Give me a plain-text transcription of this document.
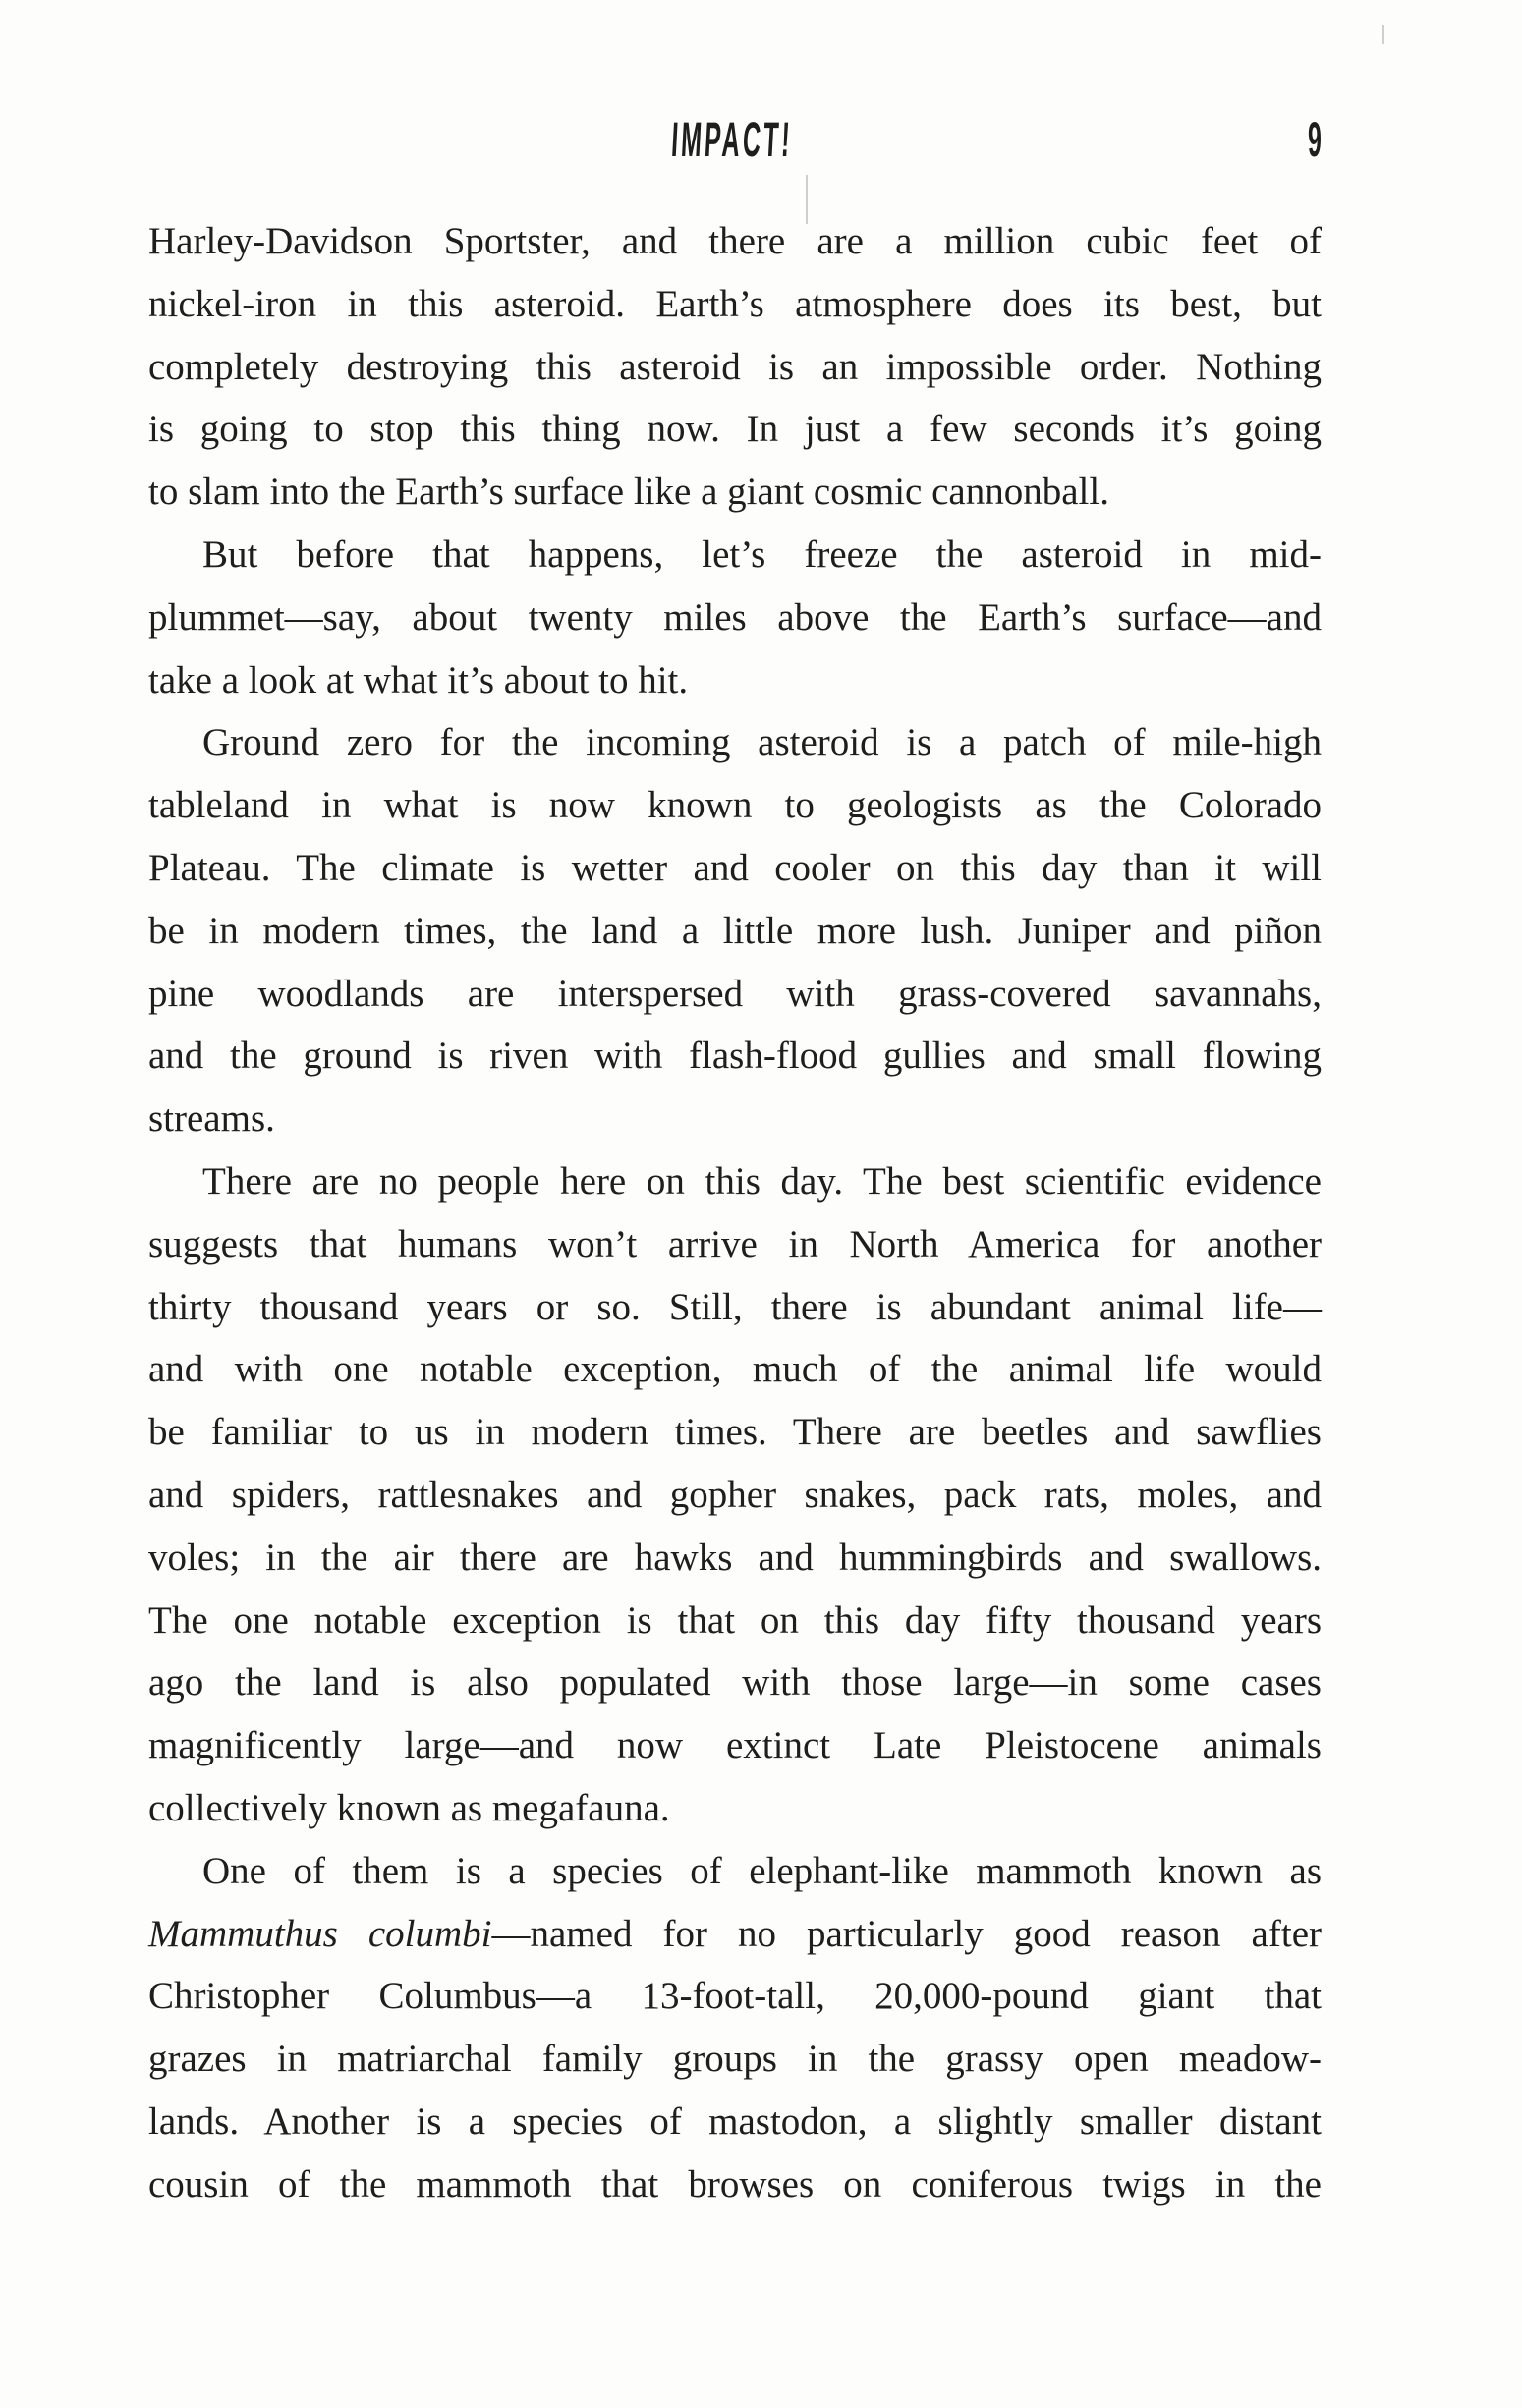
IMPACT!	9
Harley-Davidson Sportster, and there are a million cubic feet of
nickel-iron in this asteroid. Earth’s atmosphere does its best, but
completely destroying this asteroid is an impossible order. Nothing
is going to stop this thing now. In just a few seconds it’s going
to slam into the Earth’s surface like a giant cosmic cannonball.
But before that happens, let’s freeze the asteroid in mid-
plummet—say, about twenty miles above the Earth’s surface—and
take a look at what it’s about to hit.
Ground zero for the incoming asteroid is a patch of mile-high
tableland in what is now known to geologists as the Colorado
Plateau. The climate is wetter and cooler on this day than it will
be in modern times, the land a little more lush. Juniper and piñon
pine woodlands are interspersed with grass-covered savannahs,
and the ground is riven with flash-flood gullies and small flowing
streams.
There are no people here on this day. The best scientific evidence
suggests that humans won’t arrive in North America for another
thirty thousand years or so. Still, there is abundant animal life—
and with one notable exception, much of the animal life would
be familiar to us in modern times. There are beetles and sawflies
and spiders, rattlesnakes and gopher snakes, pack rats, moles, and
voles; in the air there are hawks and hummingbirds and swallows.
The one notable exception is that on this day fifty thousand years
ago the land is also populated with those large—in some cases
magnificently large—and now extinct Late Pleistocene animals
collectively known as megafauna.
One of them is a species of elephant-like mammoth known as
Mammuthus columbi—named for no particularly good reason after
Christopher Columbus—a 13-foot-tall, 20,000-pound giant that
grazes in matriarchal family groups in the grassy open meadow-
lands. Another is a species of mastodon, a slightly smaller distant
cousin of the mammoth that browses on coniferous twigs in the
